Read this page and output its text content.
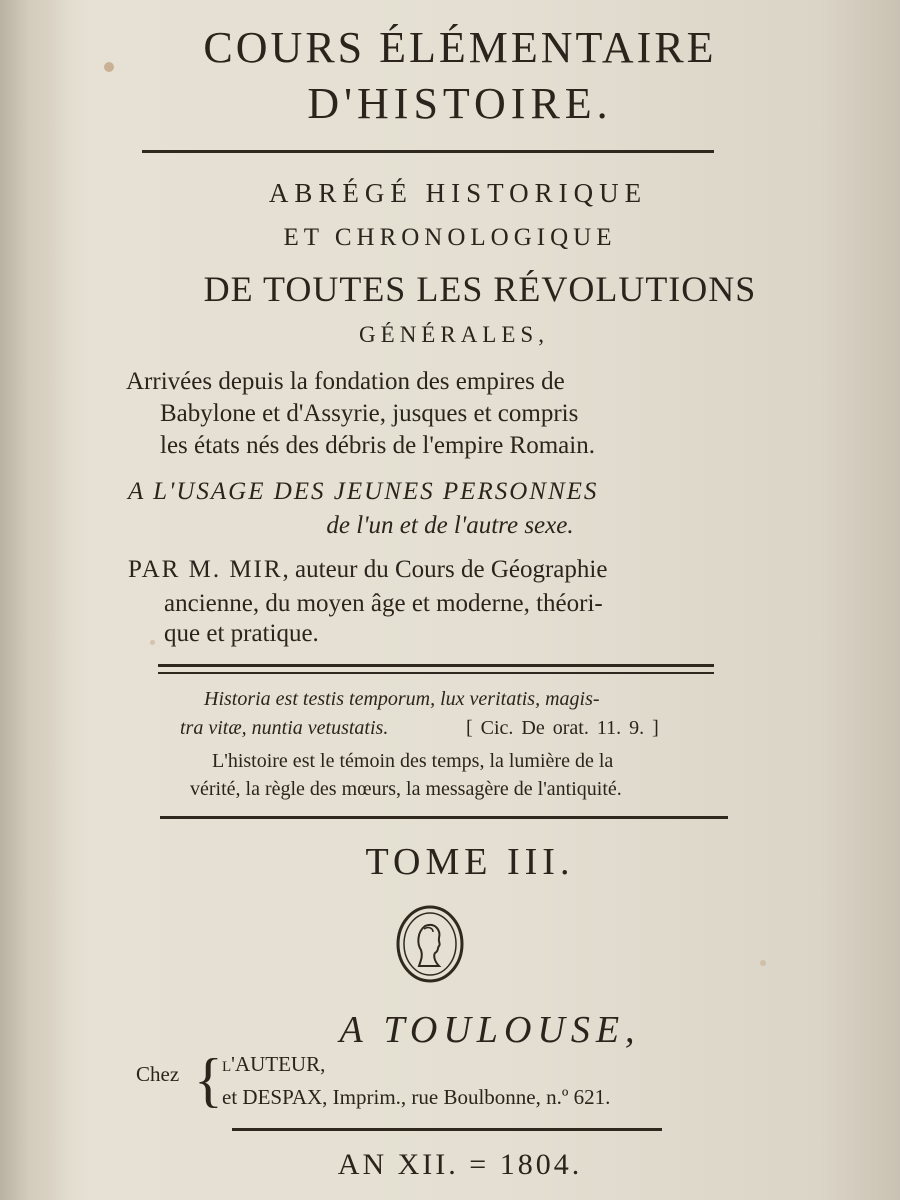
COURS ÉLÉMENTAIRE
D'HISTOIRE.
ABRÉGÉ HISTORIQUE
ET CHRONOLOGIQUE
DE TOUTES LES RÉVOLUTIONS
GÉNÉRALES,
Arrivées depuis la fondation des empires de
Babylone et d'Assyrie, jusques et compris
les états nés des débris de l'empire Romain.
A L'USAGE DES JEUNES PERSONNES
de l'un et de l'autre sexe.
PAR M. MIR, auteur du Cours de Géographie
ancienne, du moyen âge et moderne, théori-
que et pratique.
Historia est testis temporum, lux veritatis, magis-
tra vitæ, nuntia vetustatis.	[ Cic. De orat. 11. 9. ]
L'histoire est le témoin des temps, la lumière de la
vérité, la règle des mœurs, la messagère de l'antiquité.
TOME III.
A TOULOUSE,
Chez { l'AUTEUR,
et DESPAX, Imprim., rue Boulbonne, n.º 621.
AN XII. = 1804.
